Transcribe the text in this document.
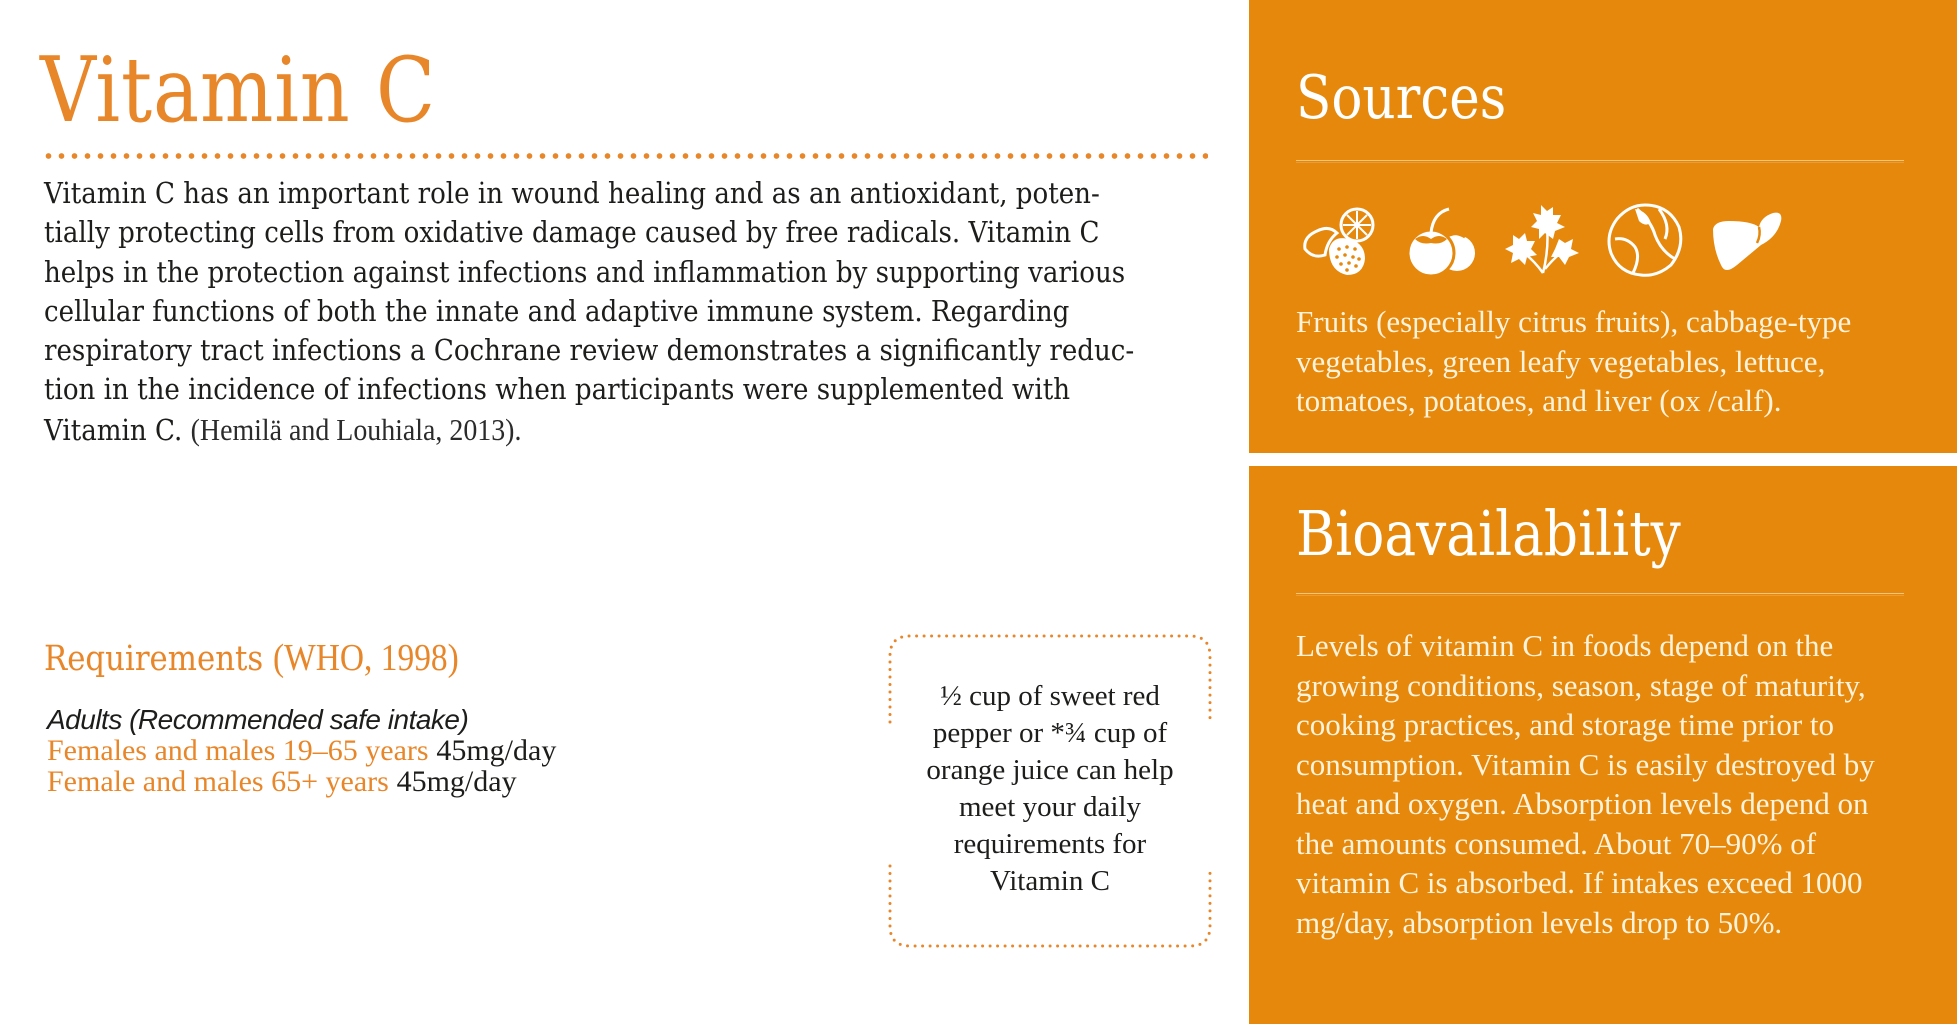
Vitamin C

Vitamin C has an important role in wound healing and as an antioxidant, poten-
tially protecting cells from oxidative damage caused by free radicals. Vitamin C
helps in the protection against infections and inflammation by supporting various
cellular functions of both the innate and adaptive immune system. Regarding
respiratory tract infections a Cochrane review demonstrates a significantly reduc-
tion in the incidence of infections when participants were supplemented with
Vitamin C. (Hemilä and Louhiala, 2013).

Requirements (WHO, 1998)
Adults (Recommended safe intake)
Females and males 19–65 years 45mg/day
Female and males 65+ years 45mg/day
½ cup of sweet red
pepper or *¾ cup of
orange juice can help
meet your daily
requirements for
Vitamin C
Sources

Fruits (especially citrus fruits), cabbage-type
vegetables, green leafy vegetables, lettuce,
tomatoes, potatoes, and liver (ox /calf).

Bioavailability

Levels of vitamin C in foods depend on the
growing conditions, season, stage of maturity,
cooking practices, and storage time prior to
consumption. Vitamin C is easily destroyed by
heat and oxygen. Absorption levels depend on
the amounts consumed. About 70–90% of
vitamin C is absorbed. If intakes exceed 1000
mg/day, absorption levels drop to 50%.
